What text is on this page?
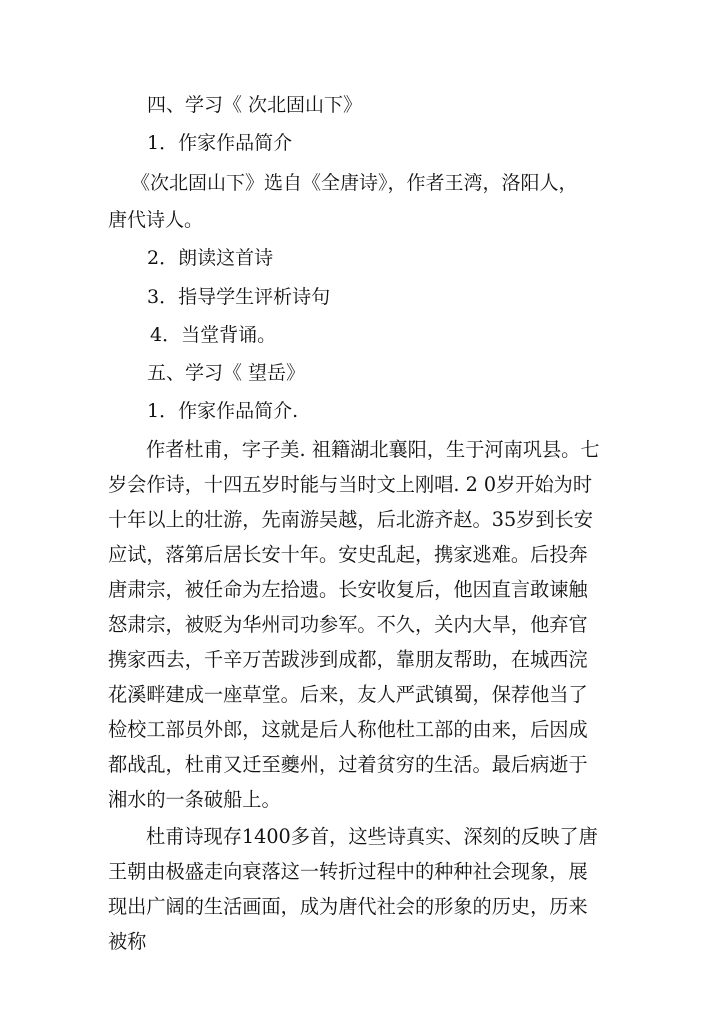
四、学习《 次北固山下》
1．作家作品简介
《次北固山下》选自《全唐诗》，作者王湾，洛阳人，
唐代诗人。
2．朗读这首诗
3．指导学生评析诗句
4．当堂背诵。
五、学习《 望岳》
1．作家作品简介.
作者杜甫，字子美. 祖籍湖北襄阳，生于河南巩县。七岁会作诗，十四五岁时能与当时文上刚唱. 2 0岁开始为时十年以上的壮游，先南游吴越，后北游齐赵。35岁到长安应试，落第后居长安十年。安史乱起，携家逃难。后投奔唐肃宗，被任命为左拾遗。长安收复后，他因直言敢谏触怒肃宗，被贬为华州司功参军。不久，关内大旱，他弃官携家西去，千辛万苦跋涉到成都，靠朋友帮助，在城西浣花溪畔建成一座草堂。后来，友人严武镇蜀，保荐他当了检校工部员外郎，这就是后人称他杜工部的由来，后因成都战乱，杜甫又迁至夔州，过着贫穷的生活。最后病逝于湘水的一条破船上。
杜甫诗现存1400多首，这些诗真实、深刻的反映了唐王朝由极盛走向衰落这一转折过程中的种种社会现象，展现出广阔的生活画面，成为唐代社会的形象的历史，历来被称
